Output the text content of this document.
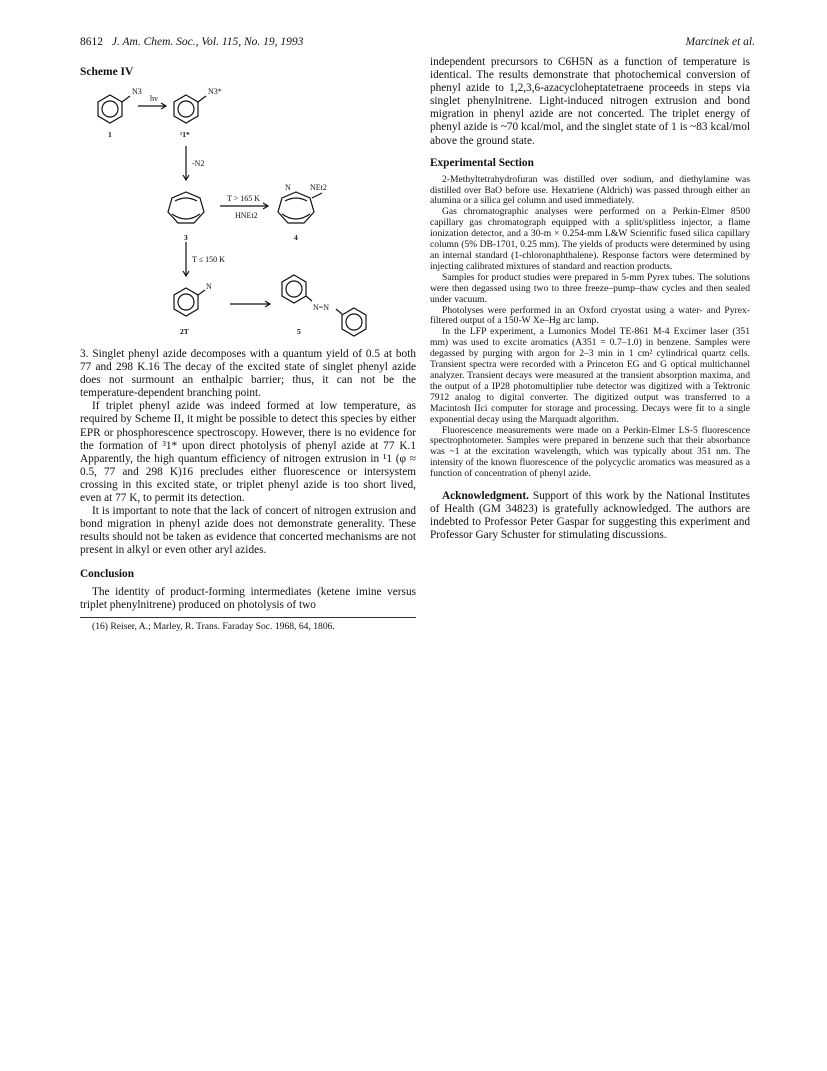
8612 J. Am. Chem. Soc., Vol. 115, No. 19, 1993	Marcinek et al.
Scheme IV
N3
hv
N3*
1	¹1*
-N2
T > 165 K
HNEt2
NEt2
N
3	4
T ≤ 150 K
N
N=N
2T	5

3. Singlet phenyl azide decomposes with a quantum yield of 0.5 at both 77 and 298 K.16 The decay of the excited state of singlet phenyl azide does not surmount an enthalpic barrier; thus, it can not be the temperature-dependent branching point.

If triplet phenyl azide was indeed formed at low temperature, as required by Scheme II, it might be possible to detect this species by either EPR or phosphorescence spectroscopy. However, there is no evidence for the formation of ³1* upon direct photolysis of phenyl azide at 77 K.1 Apparently, the high quantum efficiency of nitrogen extrusion in ¹1 (φ ≈ 0.5, 77 and 298 K)16 precludes either fluorescence or intersystem crossing in this excited state, or triplet phenyl azide is too short lived, even at 77 K, to permit its detection.

It is important to note that the lack of concert of nitrogen extrusion and bond migration in phenyl azide does not demonstrate generality. These results should not be taken as evidence that concerted mechanisms are not present in alkyl or even other aryl azides.

Conclusion

The identity of product-forming intermediates (ketene imine versus triplet phenylnitrene) produced on photolysis of two

(16) Reiser, A.; Marley, R. Trans. Faraday Soc. 1968, 64, 1806.

independent precursors to C6H5N as a function of temperature is identical. The results demonstrate that photochemical conversion of phenyl azide to 1,2,3,6-azacycloheptatetraene proceeds in steps via singlet phenylnitrene. Light-induced nitrogen extrusion and bond migration in phenyl azide are not concerted. The triplet energy of phenyl azide is ~70 kcal/mol, and the singlet state of 1 is ~83 kcal/mol above the ground state.

Experimental Section

2-Methyltetrahydrofuran was distilled over sodium, and diethylamine was distilled over BaO before use. Hexatriene (Aldrich) was passed through either an alumina or a silica gel column and used immediately.

Gas chromatographic analyses were performed on a Perkin-Elmer 8500 capillary gas chromatograph equipped with a split/splitless injector, a flame ionization detector, and a 30-m × 0.254-mm L&W Scientific fused silica capillary column (5% DB-1701, 0.25 mm). The yields of products were determined by using an internal standard (1-chloronaphthalene). Response factors were determined by injecting calibrated mixtures of standard and reaction products.

Samples for product studies were prepared in 5-mm Pyrex tubes. The solutions were then degassed using two to three freeze–pump–thaw cycles and then sealed under vacuum.

Photolyses were performed in an Oxford cryostat using a water- and Pyrex-filtered output of a 150-W Xe–Hg arc lamp.

In the LFP experiment, a Lumonics Model TE-861 M-4 Excimer laser (351 mm) was used to excite aromatics (A351 = 0.7–1.0) in benzene. Samples were degassed by purging with argon for 2–3 min in 1 cm² cylindrical quartz cells. Transient spectra were recorded with a Princeton EG and G optical multichannel analyzer. Transient decays were measured at the transient absorption maxima, and the output of a IP28 photomultiplier tube detector was digitized with a Tektronic 7912 analog to digital converter. The digitized output was transferred to a Macintosh IIci computer for storage and processing. Decays were fit to a single exponential decay using the Marquadt algorithm.

Fluorescence measurements were made on a Perkin-Elmer LS-5 fluorescence spectrophotometer. Samples were prepared in benzene such that their absorbance was ~1 at the excitation wavelength, which was typically about 351 nm. The intensity of the known fluorescence of the polycyclic aromatics was measured as a function of concentration of phenyl azide.

Acknowledgment. Support of this work by the National Institutes of Health (GM 34823) is gratefully acknowledged. The authors are indebted to Professor Peter Gaspar for suggesting this experiment and Professor Gary Schuster for stimulating discussions.
